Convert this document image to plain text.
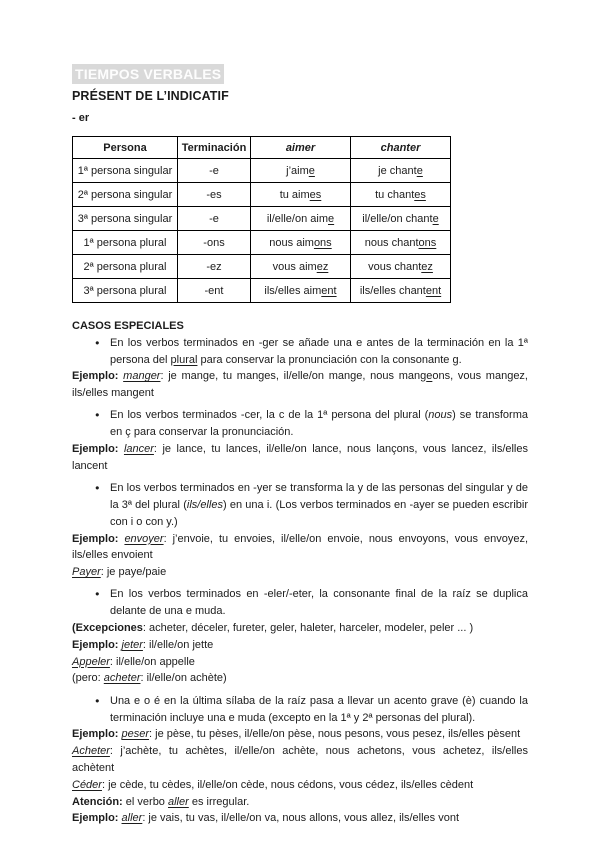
TIEMPOS VERBALES
PRÉSENT DE L’INDICATIF
- er
Persona	Terminación	aimer	chanter
1ª persona singular	-e	j’aime	je chante
2ª persona singular	-es	tu aimes	tu chantes
3ª persona singular	-e	il/elle/on aime	il/elle/on chante
1ª persona plural	-ons	nous aimons	nous chantons
2ª persona plural	-ez	vous aimez	vous chantez
3ª persona plural	-ent	ils/elles aiment	ils/elles chantent
CASOS ESPECIALES
● En los verbos terminados en -ger se añade una e antes de la terminación en la 1ª persona del plural para conservar la pronunciación con la consonante g.

Ejemplo: manger: je mange, tu manges, il/elle/on mange, nous mangeons, vous mangez, ils/elles mangent

● En los verbos terminados -cer, la c de la 1ª persona del plural (nous) se transforma en ç para conservar la pronunciación.

Ejemplo: lancer: je lance, tu lances, il/elle/on lance, nous lançons, vous lancez, ils/elles lancent

● En los verbos terminados en -yer se transforma la y de las personas del singular y de la 3ª del plural (ils/elles) en una i. (Los verbos terminados en -ayer se pueden escribir con i o con y.)

Ejemplo: envoyer: j’envoie, tu envoies, il/elle/on envoie, nous envoyons, vous envoyez, ils/elles envoient

Payer: je paye/paie

● En los verbos terminados en -eler/-eter, la consonante final de la raíz se duplica delante de una e muda.

(Excepciones: acheter, déceler, fureter, geler, haleter, harceler, modeler, peler ... )

Ejemplo: jeter: il/elle/on jette

Appeler: il/elle/on appelle

(pero: acheter: il/elle/on achète)

● Una e o é en la última sílaba de la raíz pasa a llevar un acento grave (è) cuando la terminación incluye una e muda (excepto en la 1ª y 2ª personas del plural).

Ejemplo: peser: je pèse, tu pèses, il/elle/on pèse, nous pesons, vous pesez, ils/elles pèsent

Acheter: j’achète, tu achètes, il/elle/on achète, nous achetons, vous achetez, ils/elles achètent

Céder: je cède, tu cèdes, il/elle/on cède, nous cédons, vous cédez, ils/elles cèdent

Atención: el verbo aller es irregular.

Ejemplo: aller: je vais, tu vas, il/elle/on va, nous allons, vous allez, ils/elles vont
